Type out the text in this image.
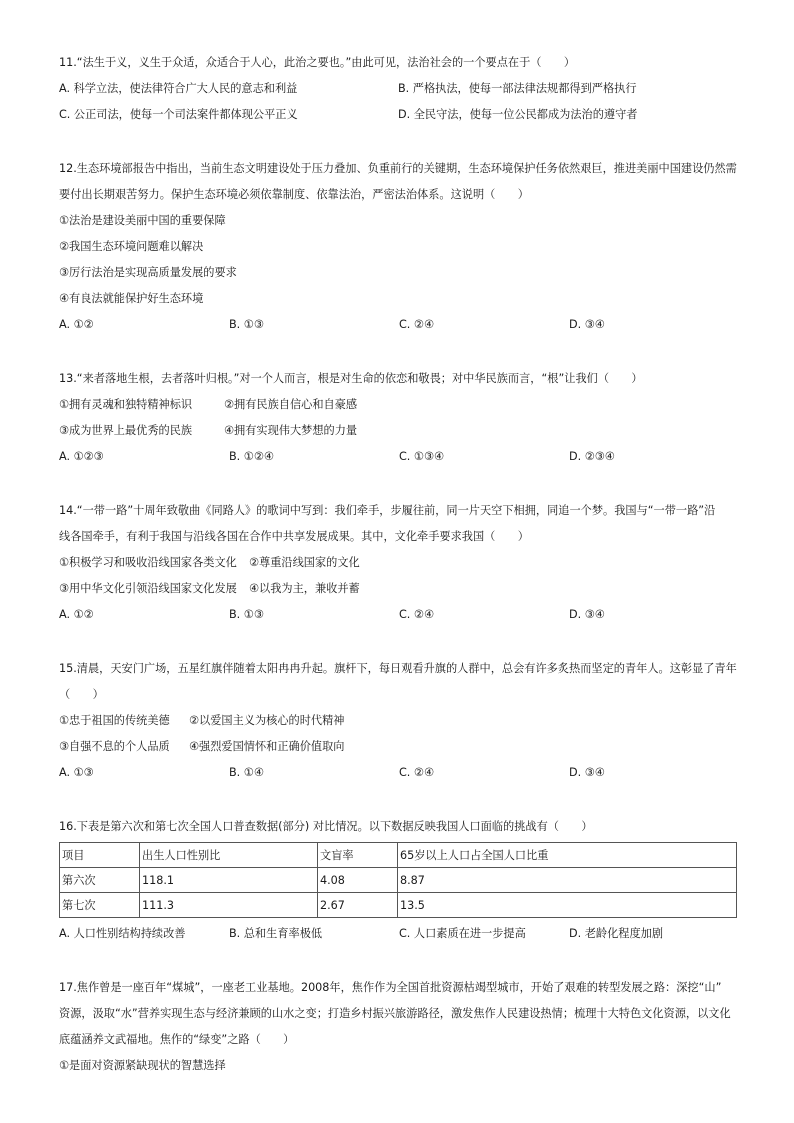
11.“法生于义，义生于众适，众适合于人心，此治之要也。”由此可见，法治社会的一个要点在于（　　）
A. 科学立法，使法律符合广大人民的意志和利益	B. 严格执法，使每一部法律法规都得到严格执行
C. 公正司法，使每一个司法案件都体现公平正义	D. 全民守法，使每一位公民都成为法治的遵守者
12.生态环境部报告中指出，当前生态文明建设处于压力叠加、负重前行的关键期，生态环境保护任务依然艰巨，推进美丽中国建设仍然需
要付出长期艰苦努力。保护生态环境必须依靠制度、依靠法治，严密法治体系。这说明（　　）
①法治是建设美丽中国的重要保障
②我国生态环境问题难以解决
③厉行法治是实现高质量发展的要求
④有良法就能保护好生态环境
A. ①②	B. ①③	C. ②④	D. ③④
13.“来者落地生根，去者落叶归根。”对一个人而言，根是对生命的依恋和敬畏；对中华民族而言，“根”让我们（　　）
①拥有灵魂和独特精神标识	②拥有民族自信心和自豪感
③成为世界上最优秀的民族	④拥有实现伟大梦想的力量
A. ①②③	B. ①②④	C. ①③④	D. ②③④
14.“一带一路”十周年致敬曲《同路人》的歌词中写到：我们牵手，步履往前，同一片天空下相拥，同追一个梦。我国与“一带一路”沿
线各国牵手，有利于我国与沿线各国在合作中共享发展成果。其中，文化牵手要求我国（　　）
①积极学习和吸收沿线国家各类文化	②尊重沿线国家的文化
③用中华文化引领沿线国家文化发展	④以我为主，兼收并蓄
A. ①②	B. ①③	C. ②④	D. ③④
15.清晨，天安门广场，五星红旗伴随着太阳冉冉升起。旗杆下，每日观看升旗的人群中，总会有许多炙热而坚定的青年人。这彰显了青年
（　　）
①忠于祖国的传统美德	②以爱国主义为核心的时代精神
③自强不息的个人品质	④强烈爱国情怀和正确价值取向
A. ①③	B. ①④	C. ②④	D. ③④
16.下表是第六次和第七次全国人口普查数据(部分) 对比情况。以下数据反映我国人口面临的挑战有（　　）
项目	出生人口性别比	文盲率	65岁以上人口占全国人口比重
第六次	118.1	4.08	8.87
第七次	111.3	2.67	13.5
A. 人口性别结构持续改善	B. 总和生育率极低	C. 人口素质在进一步提高	D. 老龄化程度加剧
17.焦作曾是一座百年“煤城”，一座老工业基地。2008年，焦作作为全国首批资源枯竭型城市，开始了艰难的转型发展之路：深挖“山”
资源，汲取“水”营养实现生态与经济兼顾的山水之变；打造乡村振兴旅游路径，激发焦作人民建设热情；梳理十大特色文化资源，以文化
底蕴涵养文武福地。焦作的“绿变”之路（　　）
①是面对资源紧缺现状的智慧选择
